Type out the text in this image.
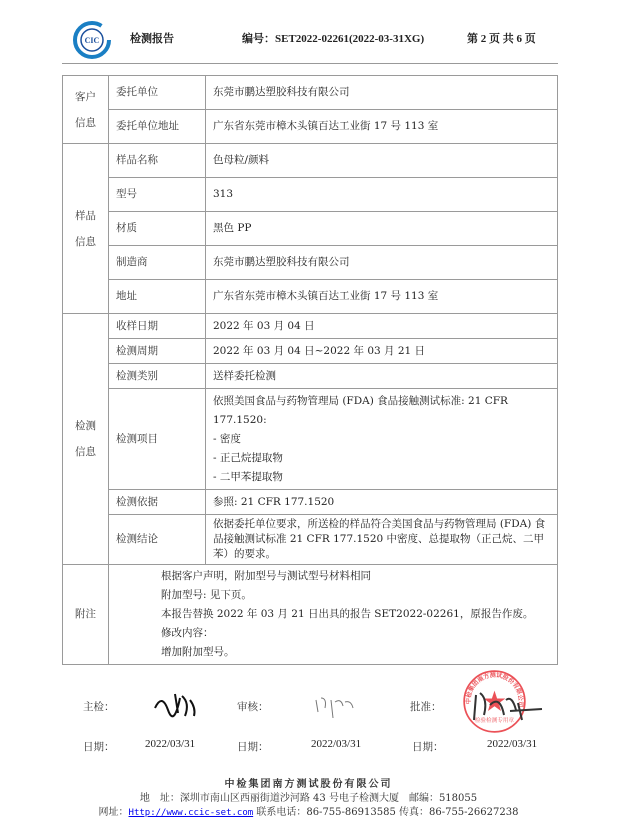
CIC	检测报告	编号：SET2022-02261(2022-03-31XG)	第 2 页 共 6 页
客户
信息	委托单位	东莞市鹏达塑胶科技有限公司
	委托单位地址	广东省东莞市樟木头镇百达工业街 17 号 113 室
样品
信息	样品名称	色母粒/颜料
	型号	313
	材质	黑色 PP
	制造商	东莞市鹏达塑胶科技有限公司
	地址	广东省东莞市樟木头镇百达工业街 17 号 113 室
检测
信息	收样日期	2022 年 03 月 04 日
	检测周期	2022 年 03 月 04 日~2022 年 03 月 21 日
	检测类别	送样委托检测
	检测项目	依照美国食品与药物管理局 (FDA) 食品接触测试标准: 21 CFR 177.1520:
- 密度
- 正己烷提取物
- 二甲苯提取物

	检测依据	参照: 21 CFR 177.1520
	检测结论	依据委托单位要求，所送检的样品符合美国食品与药物管理局 (FDA) 食品接触测试标准 21 CFR 177.1520 中密度、总提取物（正己烷、二甲苯）的要求。
附注	根据客户声明，附加型号与测试型号材料相同
附加型号: 见下页。
本报告替换 2022 年 03 月 21 日出具的报告 SET2022-02261，原报告作废。
修改内容：
增加附加型号。	
中检集团南方测试股份有限公司
检验检测专用章
主检：	审核：	批准：
日期：	2022/03/31	日期：	2022/03/31	日期：	2022/03/31
中检集团南方测试股份有限公司
地　址：深圳市南山区西丽街道沙河路 43 号电子检测大厦　邮编：518055
网址：Http://www.ccic-set.com 联系电话：86-755-86913585 传真：86-755-26627238
